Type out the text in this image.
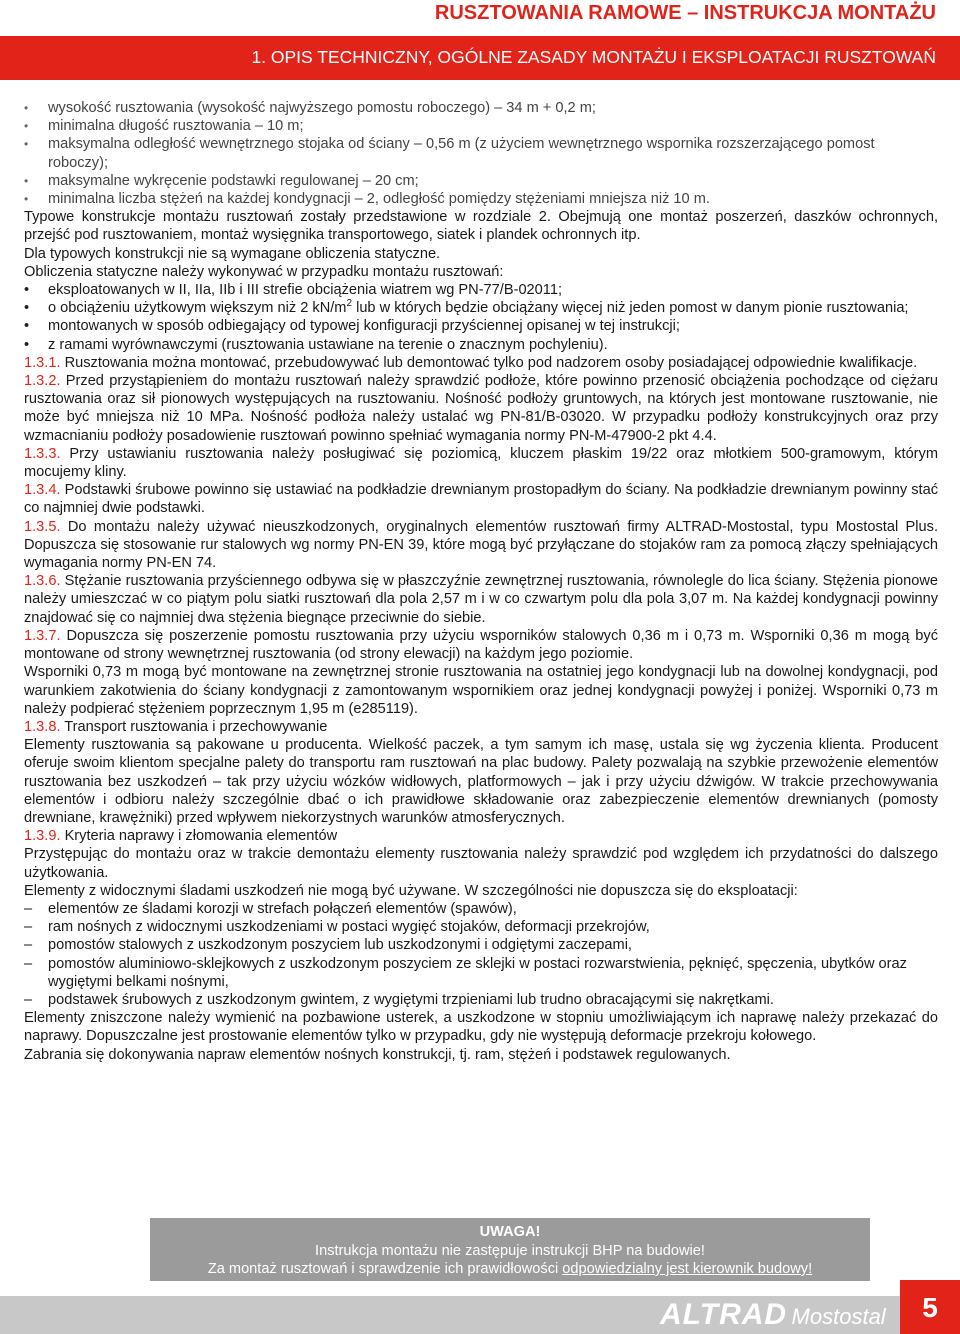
RUSZTOWANIA RAMOWE – INSTRUKCJA MONTAŻU
1. OPIS TECHNICZNY, OGÓLNE ZASADY MONTAŻU I EKSPLOATACJI RUSZTOWAŃ
• wysokość rusztowania (wysokość najwyższego pomostu roboczego) – 34 m + 0,2 m;
• minimalna długość rusztowania – 10 m;
• maksymalna odległość wewnętrznego stojaka od ściany – 0,56 m (z użyciem wewnętrznego wspornika rozszerzającego pomost roboczy);
• maksymalne wykręcenie podstawki regulowanej – 20 cm;
• minimalna liczba stężeń na każdej kondygnacji – 2, odległość pomiędzy stężeniami mniejsza niż 10 m.

Typowe konstrukcje montażu rusztowań zostały przedstawione w rozdziale 2. Obejmują one montaż poszerzeń, daszków ochronnych, przejść pod rusztowaniem, montaż wysięgnika transportowego, siatek i plandek ochronnych itp.

Dla typowych konstrukcji nie są wymagane obliczenia statyczne.

Obliczenia statyczne należy wykonywać w przypadku montażu rusztowań:

• eksploatowanych w II, IIa, IIb i III strefie obciążenia wiatrem wg PN-77/B-02011;
• o obciążeniu użytkowym większym niż 2 $kN/m^2$ lub w których będzie obciążany więcej niż jeden pomost w danym pionie rusztowania;
• montowanych w sposób odbiegający od typowej konfiguracji przyściennej opisanej w tej instrukcji;
• z ramami wyrównawczymi (rusztowania ustawiane na terenie o znacznym pochyleniu).

1.3.1. Rusztowania można montować, przebudowywać lub demontować tylko pod nadzorem osoby posiadającej odpowiednie kwalifikacje.

1.3.2. Przed przystąpieniem do montażu rusztowań należy sprawdzić podłoże, które powinno przenosić obciążenia pochodzące od ciężaru rusztowania oraz sił pionowych występujących na rusztowaniu. Nośność podłoży gruntowych, na których jest montowane rusztowanie, nie może być mniejsza niż 10 MPa. Nośność podłoża należy ustalać wg PN-81/B-03020. W przypadku podłoży konstrukcyjnych oraz przy wzmacnianiu podłoży posadowienie rusztowań powinno spełniać wymagania normy PN-M-47900-2 pkt 4.4.

1.3.3. Przy ustawianiu rusztowania należy posługiwać się poziomicą, kluczem płaskim 19/22 oraz młotkiem 500-gramowym, którym mocujemy kliny.

1.3.4. Podstawki śrubowe powinno się ustawiać na podkładzie drewnianym prostopadłym do ściany. Na podkładzie drewnianym powinny stać co najmniej dwie podstawki.

1.3.5. Do montażu należy używać nieuszkodzonych, oryginalnych elementów rusztowań firmy ALTRAD-Mostostal, typu Mostostal Plus. Dopuszcza się stosowanie rur stalowych wg normy PN-EN 39, które mogą być przyłączane do stojaków ram za pomocą złączy spełniających wymagania normy PN-EN 74.

1.3.6. Stężanie rusztowania przyściennego odbywa się w płaszczyźnie zewnętrznej rusztowania, równolegle do lica ściany. Stężenia pionowe należy umieszczać w co piątym polu siatki rusztowań dla pola 2,57 m i w co czwartym polu dla pola 3,07 m. Na każdej kondygnacji powinny znajdować się co najmniej dwa stężenia biegnące przeciwnie do siebie.

1.3.7. Dopuszcza się poszerzenie pomostu rusztowania przy użyciu wsporników stalowych 0,36 m i 0,73 m. Wsporniki 0,36 m mogą być montowane od strony wewnętrznej rusztowania (od strony elewacji) na każdym jego poziomie.

Wsporniki 0,73 m mogą być montowane na zewnętrznej stronie rusztowania na ostatniej jego kondygnacji lub na dowolnej kondygnacji, pod warunkiem zakotwienia do ściany kondygnacji z zamontowanym wspornikiem oraz jednej kondygnacji powyżej i poniżej. Wsporniki 0,73 m należy podpierać stężeniem poprzecznym 1,95 m (e285119).

1.3.8. Transport rusztowania i przechowywanie

Elementy rusztowania są pakowane u producenta. Wielkość paczek, a tym samym ich masę, ustala się wg życzenia klienta. Producent oferuje swoim klientom specjalne palety do transportu ram rusztowań na plac budowy. Palety pozwalają na szybkie przewożenie elementów rusztowania bez uszkodzeń – tak przy użyciu wózków widłowych, platformowych – jak i przy użyciu dźwigów. W trakcie przechowywania elementów i odbioru należy szczególnie dbać o ich prawidłowe składowanie oraz zabezpieczenie elementów drewnianych (pomosty drewniane, krawężniki) przed wpływem niekorzystnych warunków atmosferycznych.

1.3.9. Kryteria naprawy i złomowania elementów

Przystępując do montażu oraz w trakcie demontażu elementy rusztowania należy sprawdzić pod względem ich przydatności do dalszego użytkowania.

Elementy z widocznymi śladami uszkodzeń nie mogą być używane. W szczególności nie dopuszcza się do eksploatacji:

– elementów ze śladami korozji w strefach połączeń elementów (spawów),
– ram nośnych z widocznymi uszkodzeniami w postaci wygięć stojaków, deformacji przekrojów,
– pomostów stalowych z uszkodzonym poszyciem lub uszkodzonymi i odgiętymi zaczepami,
– pomostów aluminiowo-sklejkowych z uszkodzonym poszyciem ze sklejki w postaci rozwarstwienia, pęknięć, spęczenia, ubytków oraz wygiętymi belkami nośnymi,
– podstawek śrubowych z uszkodzonym gwintem, z wygiętymi trzpieniami lub trudno obracającymi się nakrętkami.

Elementy zniszczone należy wymienić na pozbawione usterek, a uszkodzone w stopniu umożliwiającym ich naprawę należy przekazać do naprawy. Dopuszczalne jest prostowanie elementów tylko w przypadku, gdy nie występują deformacje przekroju kołowego.

Zabrania się dokonywania napraw elementów nośnych konstrukcji, tj. ram, stężeń i podstawek regulowanych.

UWAGA!
Instrukcja montażu nie zastępuje instrukcji BHP na budowie!
Za montaż rusztowań i sprawdzenie ich prawidłowości odpowiedzialny jest kierownik budowy!
ALTRAD Mostostal	5
